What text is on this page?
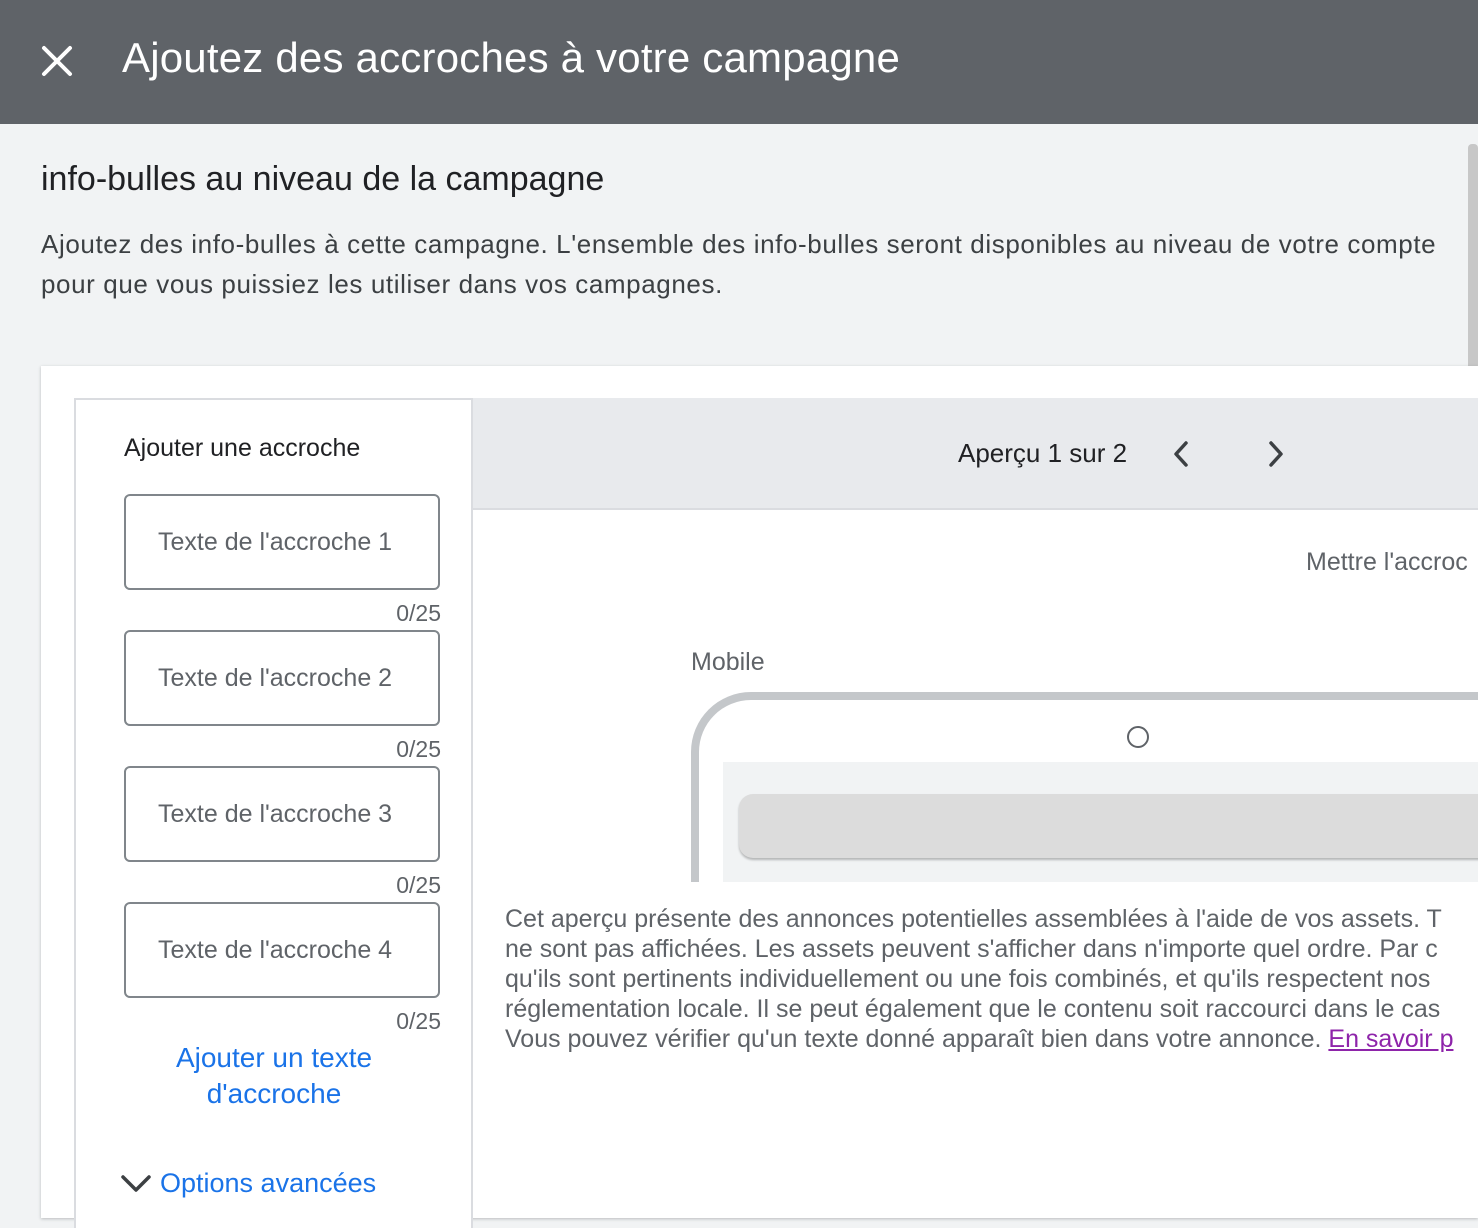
Ajoutez des accroches à votre campagne
info-bulles au niveau de la campagne
Ajoutez des info-bulles à cette campagne. L'ensemble des info-bulles seront disponibles au niveau de votre compte pour que vous puissiez les utiliser dans vos campagnes.
Ajouter une accroche
Texte de l'accroche 1
0/25
Texte de l'accroche 2
0/25
Texte de l'accroche 3
0/25
Texte de l'accroche 4
0/25
Ajouter un texte d'accroche
Options avancées
Aperçu 1 sur 2
Mettre l'accroc
Mobile
Cet aperçu présente des annonces potentielles assemblées à l'aide de vos assets. T
ne sont pas affichées. Les assets peuvent s'afficher dans n'importe quel ordre. Par c
qu'ils sont pertinents individuellement ou une fois combinés, et qu'ils respectent nos
réglementation locale. Il se peut également que le contenu soit raccourci dans le cas
Vous pouvez vérifier qu'un texte donné apparaît bien dans votre annonce. En savoir p
